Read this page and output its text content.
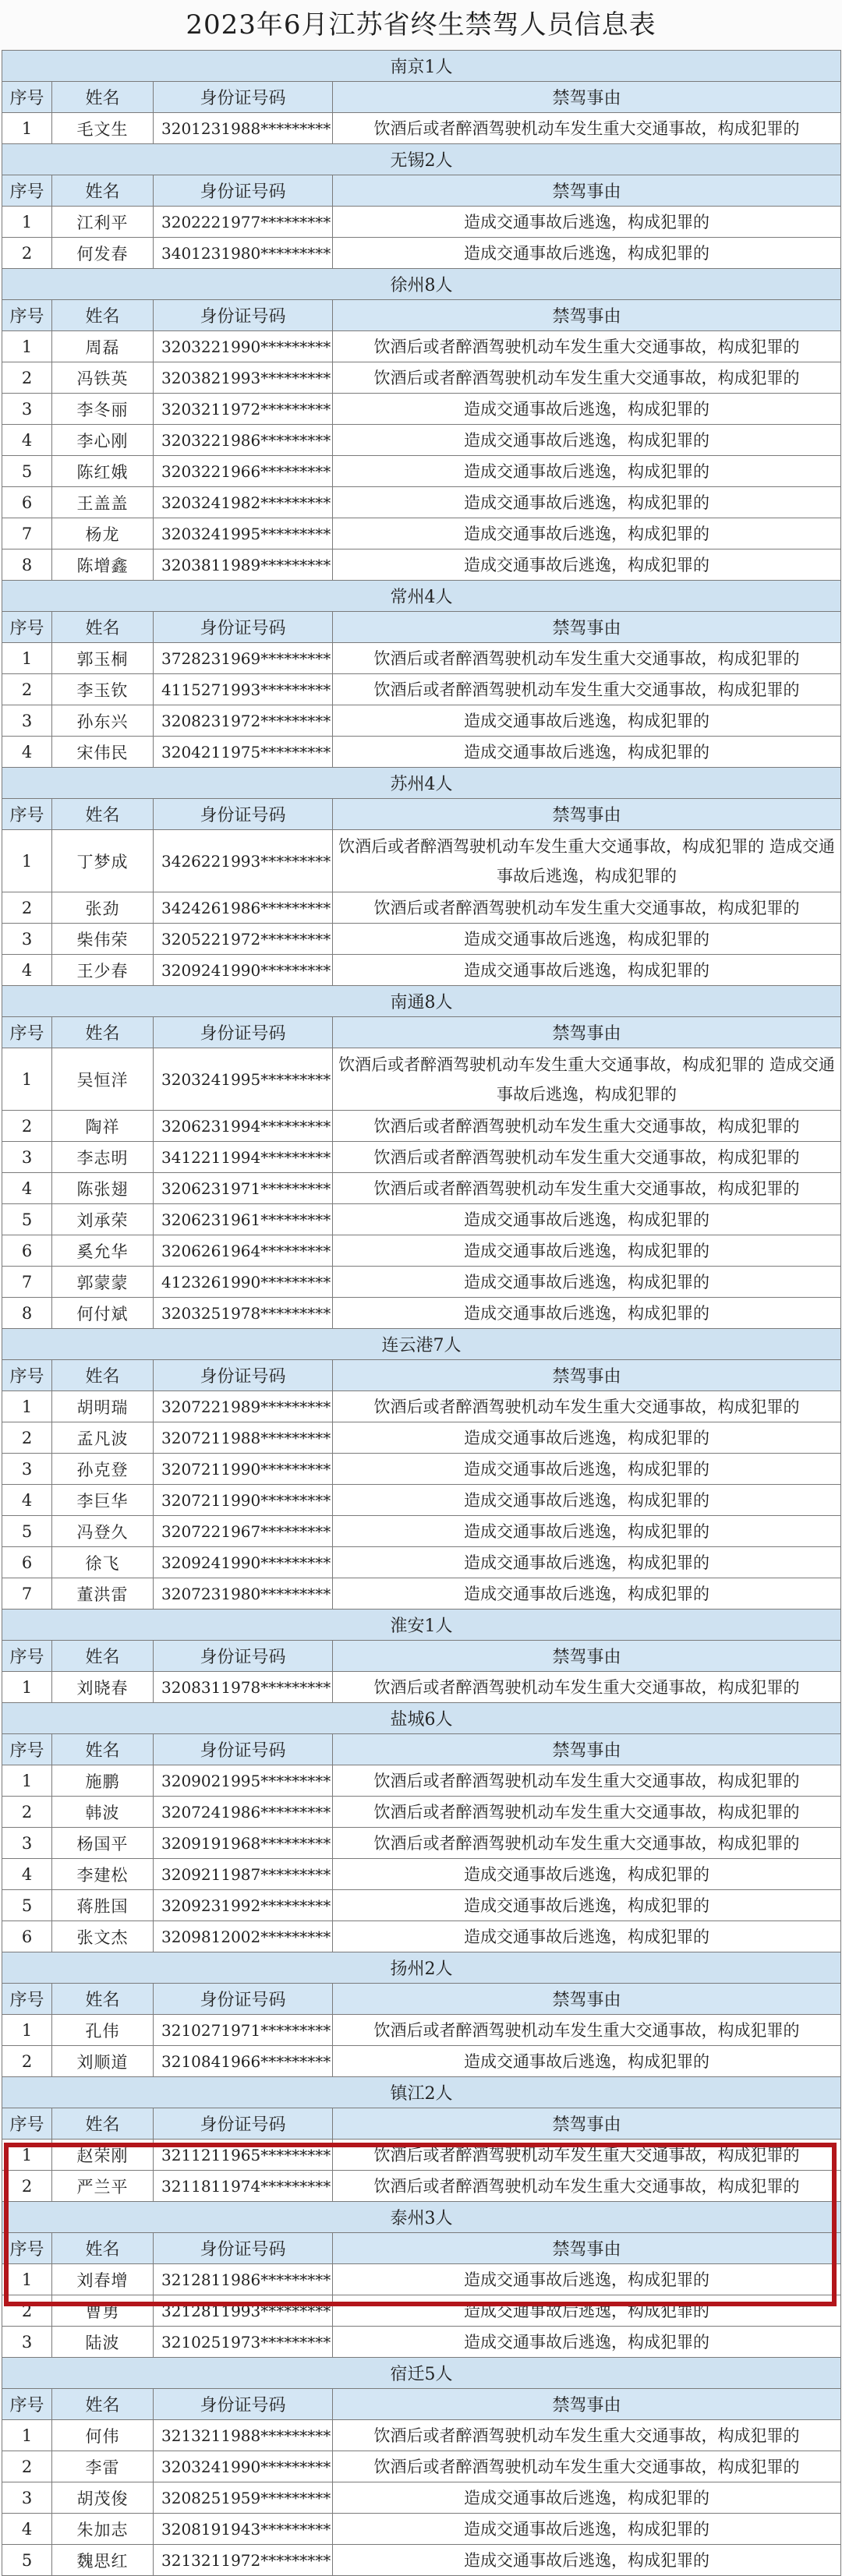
2023年6月江苏省终生禁驾人员信息表
南京1人			
序号	姓名	身份证号码	禁驾事由
1	毛文生	3201231988*********	饮酒后或者醉酒驾驶机动车发生重大交通事故，构成犯罪的
无锡2人			
序号	姓名	身份证号码	禁驾事由
1	江利平	3202221977*********	造成交通事故后逃逸，构成犯罪的
2	何发春	3401231980*********	造成交通事故后逃逸，构成犯罪的
徐州8人			
序号	姓名	身份证号码	禁驾事由
1	周磊	3203221990*********	饮酒后或者醉酒驾驶机动车发生重大交通事故，构成犯罪的
2	冯铁英	3203821993*********	饮酒后或者醉酒驾驶机动车发生重大交通事故，构成犯罪的
3	李冬丽	3203211972*********	造成交通事故后逃逸，构成犯罪的
4	李心刚	3203221986*********	造成交通事故后逃逸，构成犯罪的
5	陈红娥	3203221966*********	造成交通事故后逃逸，构成犯罪的
6	王盖盖	3203241982*********	造成交通事故后逃逸，构成犯罪的
7	杨龙	3203241995*********	造成交通事故后逃逸，构成犯罪的
8	陈增鑫	3203811989*********	造成交通事故后逃逸，构成犯罪的
常州4人			
序号	姓名	身份证号码	禁驾事由
1	郭玉桐	3728231969*********	饮酒后或者醉酒驾驶机动车发生重大交通事故，构成犯罪的
2	李玉钦	4115271993*********	饮酒后或者醉酒驾驶机动车发生重大交通事故，构成犯罪的
3	孙东兴	3208231972*********	造成交通事故后逃逸，构成犯罪的
4	宋伟民	3204211975*********	造成交通事故后逃逸，构成犯罪的
苏州4人			
序号	姓名	身份证号码	禁驾事由
1	丁梦成	3426221993*********	饮酒后或者醉酒驾驶机动车发生重大交通事故，构成犯罪的 造成交通事故后逃逸，构成犯罪的
2	张劲	3424261986*********	饮酒后或者醉酒驾驶机动车发生重大交通事故，构成犯罪的
3	柴伟荣	3205221972*********	造成交通事故后逃逸，构成犯罪的
4	王少春	3209241990*********	造成交通事故后逃逸，构成犯罪的
南通8人			
序号	姓名	身份证号码	禁驾事由
1	吴恒洋	3203241995*********	饮酒后或者醉酒驾驶机动车发生重大交通事故，构成犯罪的 造成交通事故后逃逸，构成犯罪的
2	陶祥	3206231994*********	饮酒后或者醉酒驾驶机动车发生重大交通事故，构成犯罪的
3	李志明	3412211994*********	饮酒后或者醉酒驾驶机动车发生重大交通事故，构成犯罪的
4	陈张翅	3206231971*********	饮酒后或者醉酒驾驶机动车发生重大交通事故，构成犯罪的
5	刘承荣	3206231961*********	造成交通事故后逃逸，构成犯罪的
6	奚允华	3206261964*********	造成交通事故后逃逸，构成犯罪的
7	郭蒙蒙	4123261990*********	造成交通事故后逃逸，构成犯罪的
8	何付斌	3203251978*********	造成交通事故后逃逸，构成犯罪的
连云港7人			
序号	姓名	身份证号码	禁驾事由
1	胡明瑞	3207221989*********	饮酒后或者醉酒驾驶机动车发生重大交通事故，构成犯罪的
2	孟凡波	3207211988*********	造成交通事故后逃逸，构成犯罪的
3	孙克登	3207211990*********	造成交通事故后逃逸，构成犯罪的
4	李巨华	3207211990*********	造成交通事故后逃逸，构成犯罪的
5	冯登久	3207221967*********	造成交通事故后逃逸，构成犯罪的
6	徐飞	3209241990*********	造成交通事故后逃逸，构成犯罪的
7	董洪雷	3207231980*********	造成交通事故后逃逸，构成犯罪的
淮安1人			
序号	姓名	身份证号码	禁驾事由
1	刘晓春	3208311978*********	饮酒后或者醉酒驾驶机动车发生重大交通事故，构成犯罪的
盐城6人			
序号	姓名	身份证号码	禁驾事由
1	施鹏	3209021995*********	饮酒后或者醉酒驾驶机动车发生重大交通事故，构成犯罪的
2	韩波	3207241986*********	饮酒后或者醉酒驾驶机动车发生重大交通事故，构成犯罪的
3	杨国平	3209191968*********	饮酒后或者醉酒驾驶机动车发生重大交通事故，构成犯罪的
4	李建松	3209211987*********	造成交通事故后逃逸，构成犯罪的
5	蒋胜国	3209231992*********	造成交通事故后逃逸，构成犯罪的
6	张文杰	3209812002*********	造成交通事故后逃逸，构成犯罪的
扬州2人			
序号	姓名	身份证号码	禁驾事由
1	孔伟	3210271971*********	饮酒后或者醉酒驾驶机动车发生重大交通事故，构成犯罪的
2	刘顺道	3210841966*********	造成交通事故后逃逸，构成犯罪的
镇江2人			
序号	姓名	身份证号码	禁驾事由
1	赵荣刚	3211211965*********	饮酒后或者醉酒驾驶机动车发生重大交通事故，构成犯罪的
2	严兰平	3211811974*********	饮酒后或者醉酒驾驶机动车发生重大交通事故，构成犯罪的
泰州3人			
序号	姓名	身份证号码	禁驾事由
1	刘春增	3212811986*********	造成交通事故后逃逸，构成犯罪的
2	曹勇	3212811993*********	造成交通事故后逃逸，构成犯罪的
3	陆波	3210251973*********	造成交通事故后逃逸，构成犯罪的
宿迁5人			
序号	姓名	身份证号码	禁驾事由
1	何伟	3213211988*********	饮酒后或者醉酒驾驶机动车发生重大交通事故，构成犯罪的
2	李雷	3203241990*********	饮酒后或者醉酒驾驶机动车发生重大交通事故，构成犯罪的
3	胡茂俊	3208251959*********	造成交通事故后逃逸，构成犯罪的
4	朱加志	3208191943*********	造成交通事故后逃逸，构成犯罪的
5	魏思红	3213211972*********	造成交通事故后逃逸，构成犯罪的
